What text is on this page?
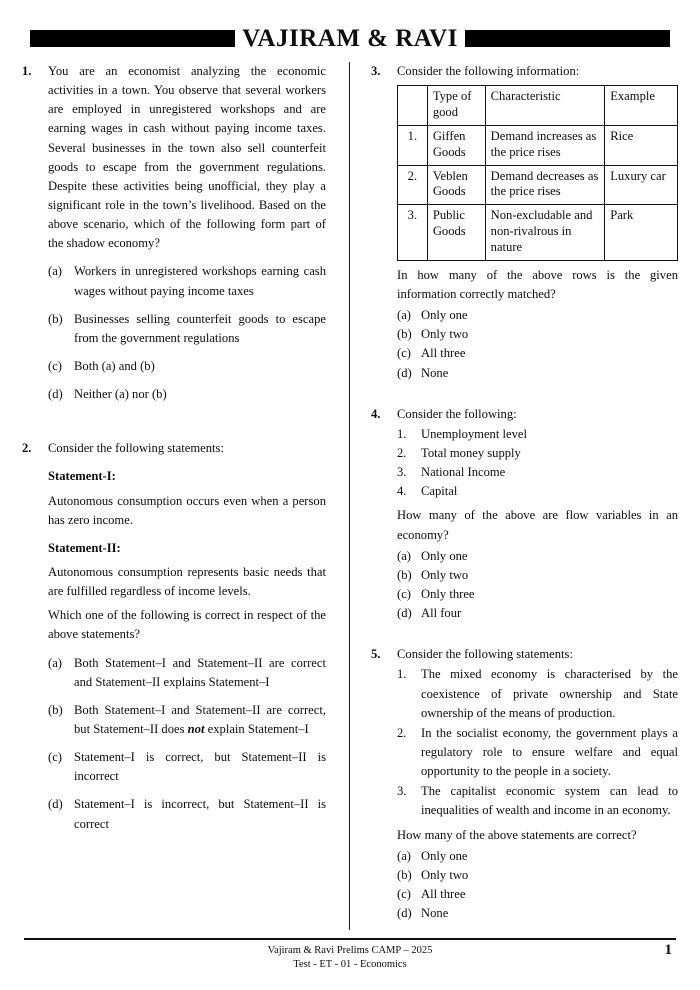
VAJIRAM & RAVI
1.	You are an economist analyzing the economic activities in a town. You observe that several workers are employed in unregistered workshops and are earning wages in cash without paying income taxes. Several businesses in the town also sell counterfeit goods to escape from the government regulations. Despite these activities being unofficial, they play a significant role in the town’s livelihood. Based on the above scenario, which of the following form part of the shadow economy?

(a) Workers in unregistered workshops earning cash wages without paying income taxes
(b) Businesses selling counterfeit goods to escape from the government regulations
(c) Both (a) and (b)
(d) Neither (a) nor (b)
2.	Consider the following statements:

Statement-I:
Autonomous consumption occurs even when a person has zero income.
Statement-II:
Autonomous consumption represents basic needs that are fulfilled regardless of income levels.
Which one of the following is correct in respect of the above statements?
(a) Both Statement–I and Statement–II are correct and Statement–II explains Statement–I
(b) Both Statement–I and Statement–II are correct, but Statement–II does not explain Statement–I
(c) Statement–I is correct, but Statement–II is incorrect
(d) Statement–I is incorrect, but Statement–II is correct
3.	Consider the following information:

	Type of good	Characteristic	Example
1.	Giffen Goods	Demand increases as the price rises	Rice
2.	Veblen Goods	Demand decreases as the price rises	Luxury car
3.	Public Goods	Non-excludable and non-rivalrous in nature	Park
In how many of the above rows is the given information correctly matched?
(a) Only one
(b) Only two
(c) All three
(d) None
4.	Consider the following:

1.	Unemployment level
2.	Total money supply
3.	National Income
4.	Capital
How many of the above are flow variables in an economy?
(a) Only one
(b) Only two
(c) Only three
(d) All four
5.	Consider the following statements:

1.	The mixed economy is characterised by the coexistence of private ownership and State ownership of the means of production.
2.	In the socialist economy, the government plays a regulatory role to ensure welfare and equal opportunity to the people in a society.
3.	The capitalist economic system can lead to inequalities of wealth and income in an economy.
How many of the above statements are correct?
(a) Only one
(b) Only two
(c) All three
(d) None
Vajiram & Ravi Prelims CAMP – 2025
Test - ET - 01 - Economics
1
